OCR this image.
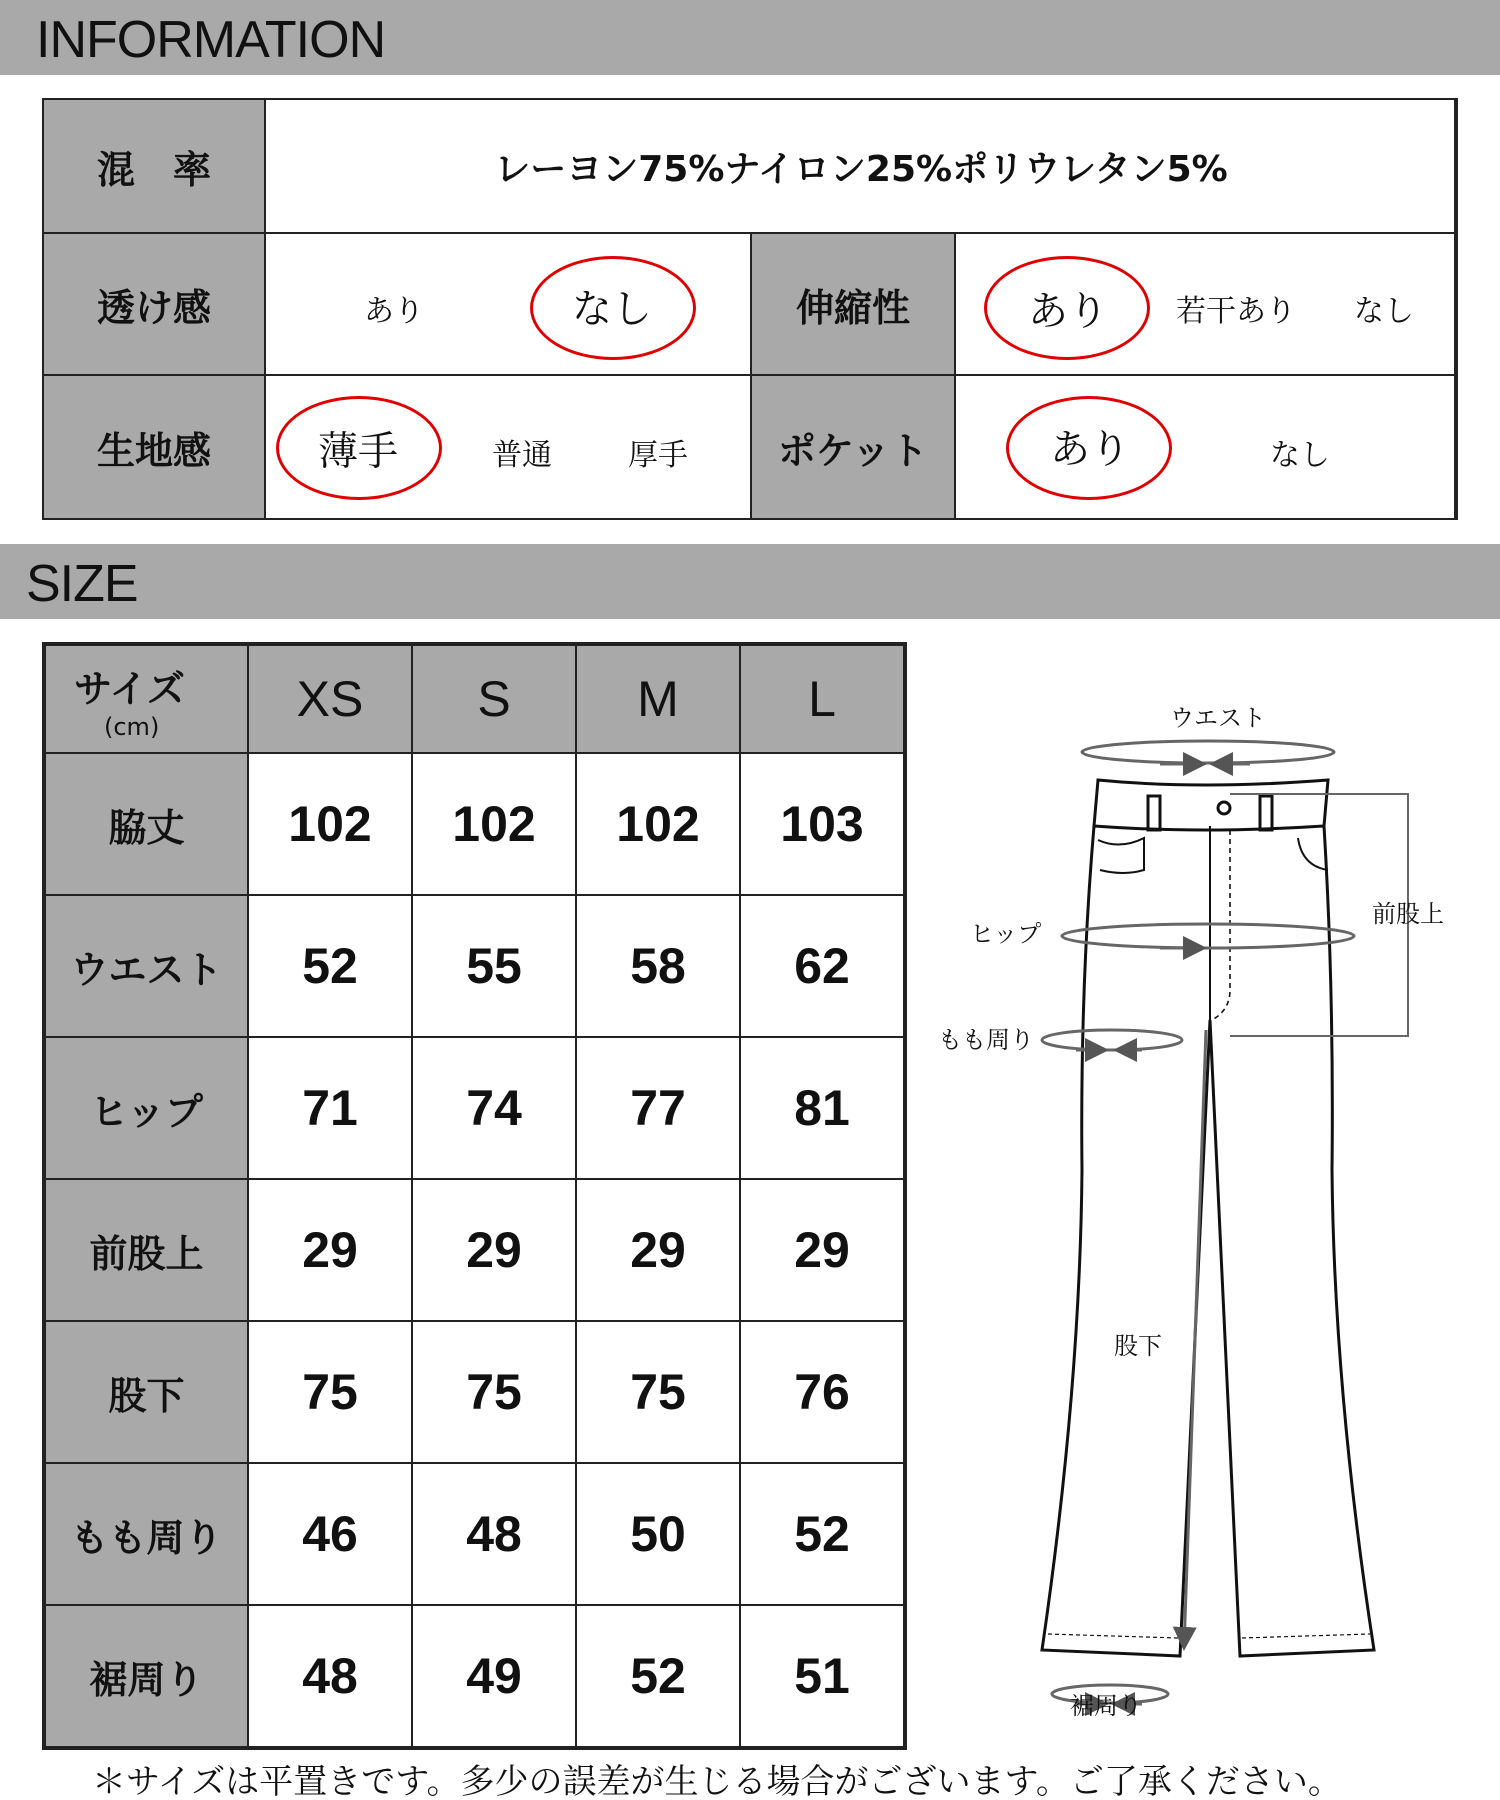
INFORMATION
混　率	レーヨン75%ナイロン25%ポリウレタン5%
透け感	あり	なし	伸縮性	あり 若干あり なし
生地感	薄手	普通	厚手	ポケット	あり	なし
SIZE
サイズ
(cm)	XS	S	M	L
脇丈	102	102	102	103
ウエスト	52	55	58	62
ヒップ	71	74	77	81
前股上	29	29	29	29
股下	75	75	75	76
もも周り	46	48	50	52
裾周り	48	49	52	51
ウエスト
ヒップ
もも周り
前股上
股下
裾周り
＊サイズは平置きです。多少の誤差が生じる場合がございます。ご了承ください。
